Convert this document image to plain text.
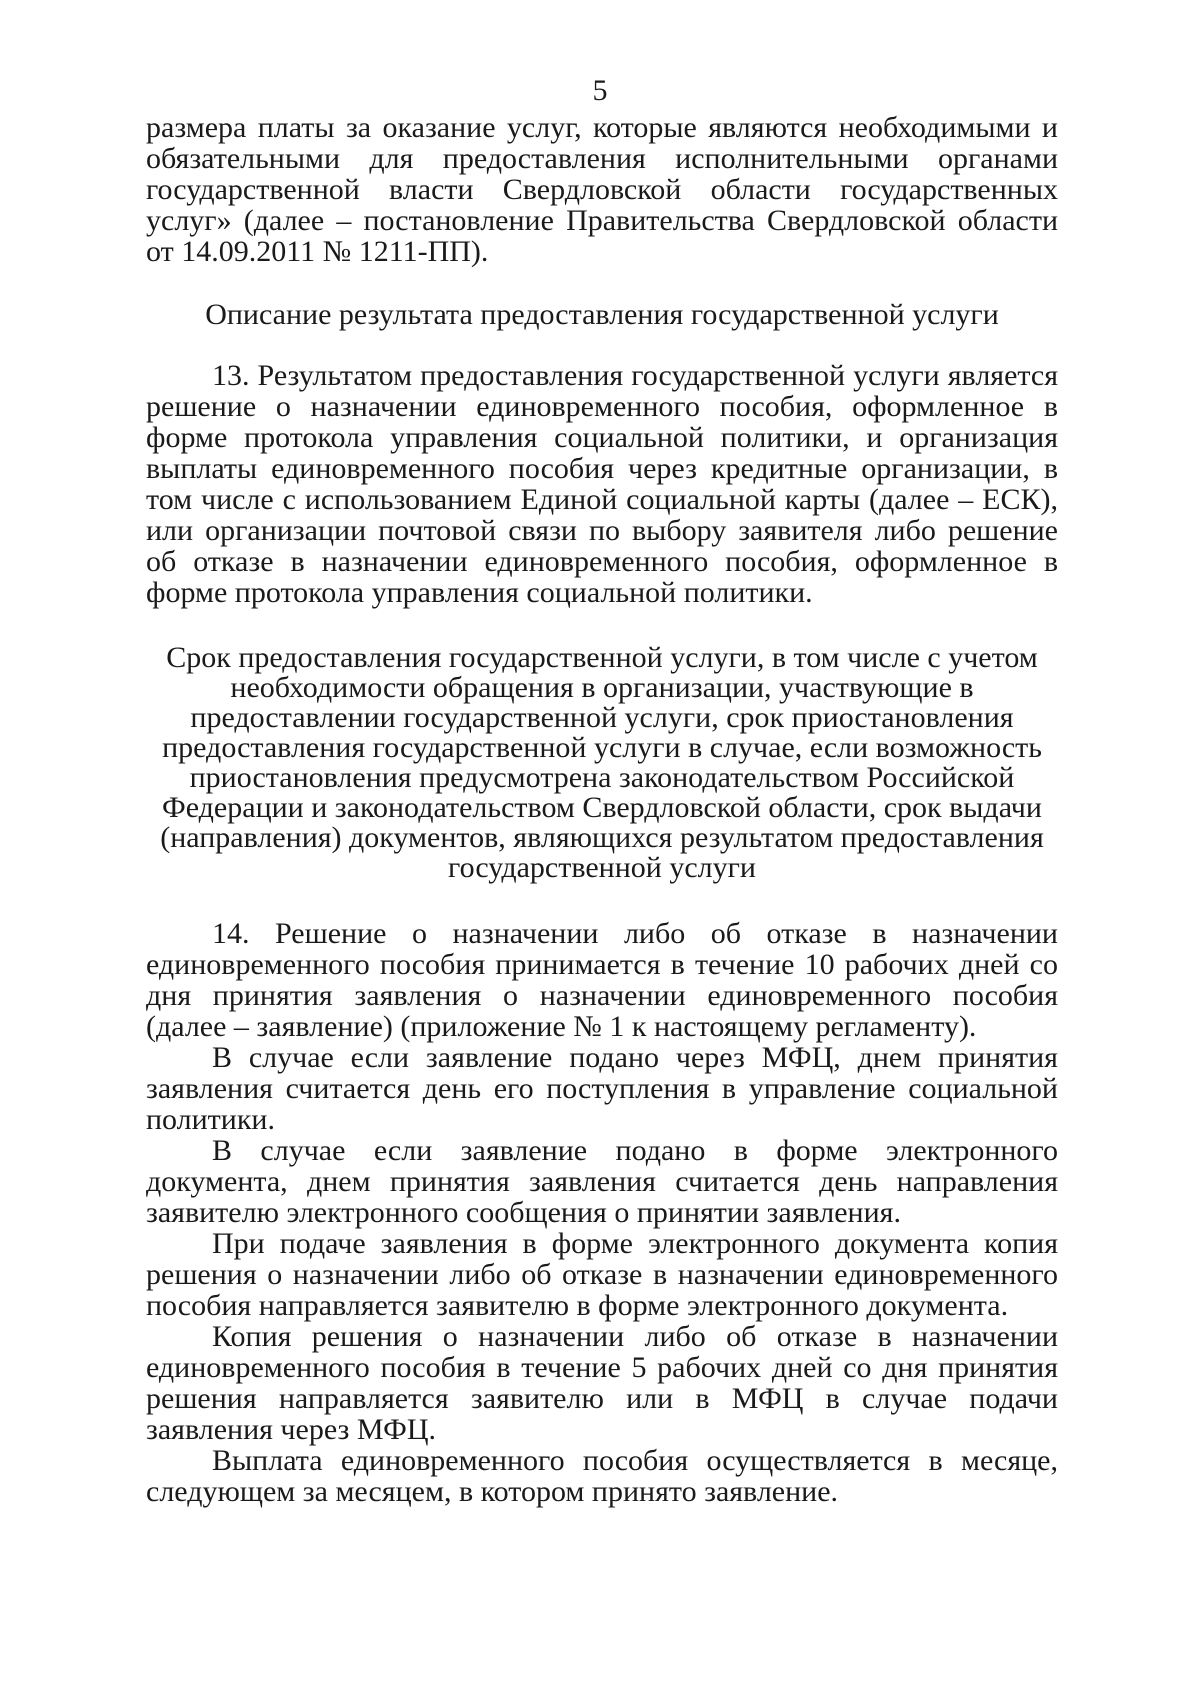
5

размера платы за оказание услуг, которые являются необходимыми и обязательными для предоставления исполнительными органами государственной власти Свердловской области государственных услуг» (далее – постановление Правительства Свердловской области от 14.09.2011 № 1211-ПП).

Описание результата предоставления государственной услуги

13. Результатом предоставления государственной услуги является решение о назначении единовременного пособия, оформленное в форме протокола управления социальной политики, и организация выплаты единовременного пособия через кредитные организации, в том числе с использованием Единой социальной карты (далее – ЕСК), или организации почтовой связи по выбору заявителя либо решение об отказе в назначении единовременного пособия, оформленное в форме протокола управления социальной политики.

Срок предоставления государственной услуги, в том числе с учетом необходимости обращения в организации, участвующие в предоставлении государственной услуги, срок приостановления предоставления государственной услуги в случае, если возможность приостановления предусмотрена законодательством Российской Федерации и законодательством Свердловской области, срок выдачи (направления) документов, являющихся результатом предоставления государственной услуги

14. Решение о назначении либо об отказе в назначении единовременного пособия принимается в течение 10 рабочих дней со дня принятия заявления о назначении единовременного пособия (далее – заявление) (приложение № 1 к настоящему регламенту).

В случае если заявление подано через МФЦ, днем принятия заявления считается день его поступления в управление социальной политики.

В случае если заявление подано в форме электронного документа, днем принятия заявления считается день направления заявителю электронного сообщения о принятии заявления.

При подаче заявления в форме электронного документа копия решения о назначении либо об отказе в назначении единовременного пособия направляется заявителю в форме электронного документа.

Копия решения о назначении либо об отказе в назначении единовременного пособия в течение 5 рабочих дней со дня принятия решения направляется заявителю или в МФЦ в случае подачи заявления через МФЦ.

Выплата единовременного пособия осуществляется в месяце, следующем за месяцем, в котором принято заявление.
